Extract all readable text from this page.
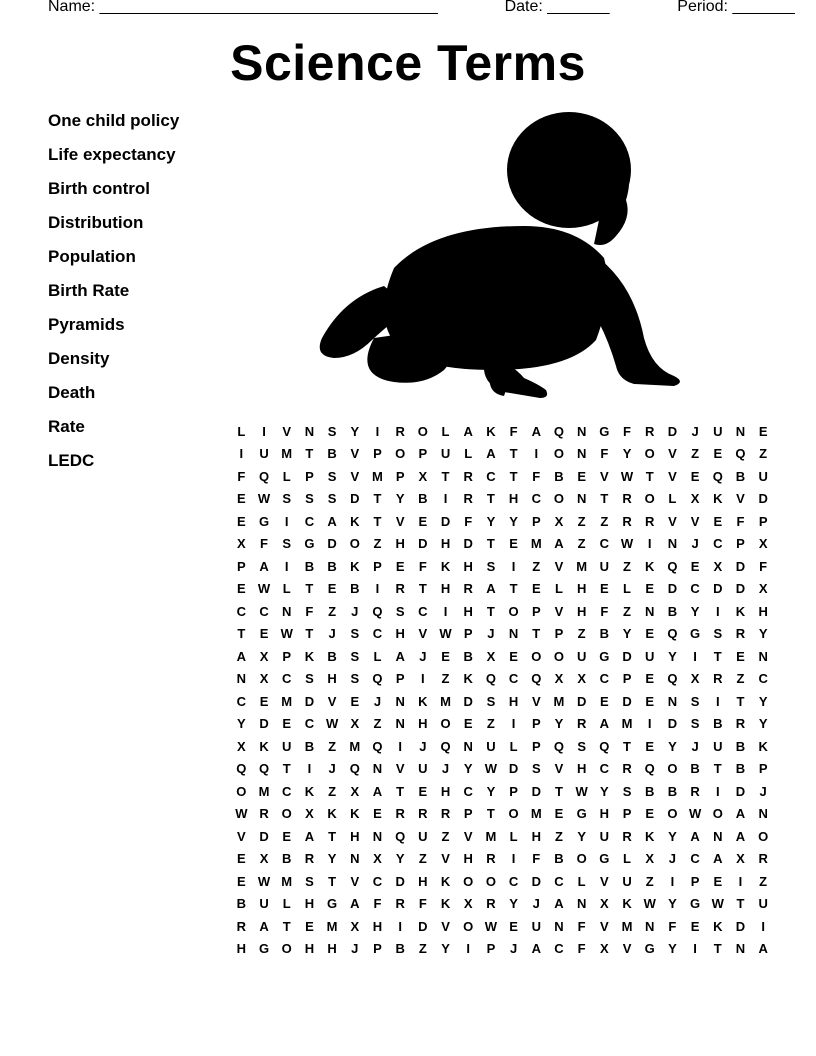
Name: ______________________________________	Date: _______	Period: _______
Science Terms
One child policy
Life expectancy
Birth control
Distribution
Population
Birth Rate
Pyramids
Density
Death
Rate
LEDC
L	I	V	N	S	Y	I	R O	L	A	K	F	A Q N G	F	R	D	J	U	N	E
I	U M	T	B	V	P	O	P	U	L	A	T	I	O N	F	Y	O	V	Z	E	Q	Z
F	Q	L	P	S	V M P	X	T	R	C	T	F	B	E	V W T	V	E	Q B	U
E W S	S	S	D	T	Y	B	I	R	T	H	C O N	T	R O	L	X	K	V	D
E	G	I	C	A	K	T	V	E	D	F	Y	Y	P	X	Z	Z	R	R	V	V	E	F	P
X	F	S	G D O	Z	H	D	H	D	T	E M A	Z	C W	I	N	J	C	P	X
P	A	I	B	B	K	P	E	F	K	H	S	I	Z	V M U	Z	K Q	E	X	D	F
E W L	T	E	B	I	R	T	H	R	A	T	E	L	H	E	L	E	D	C	D	D	X
C	C	N	F	Z	J	Q	S	C	I	H	T	O	P	V	H	F	Z	N	B	Y	I	K	H
T	E W T	J	S	C	H	V W P	J	N	T	P	Z	B	Y	E	Q G	S	R	Y
A	X	P	K	B	S	L	A	J	E	B	X	E	O O U G D	U	Y	I	T	E	N
N	X	C	S	H	S	Q	P	I	Z	K Q C Q	X	X	C	P	E	Q	X	R	Z	C
C	E M D	V	E	J	N	K M D	S	H	V M D	E	D	E	N	S	I	T	Y
Y	D	E	C W X	Z	N	H O	E	Z	I	P	Y	R	A M	I	D	S	B	R	Y
X	K	U	B	Z	M Q	I	J	Q N	U	L	P	Q	S	Q	T	E	Y	J	U	B	K
Q Q	T	I	J	Q N	V	U	J	Y W D	S	V	H	C	R Q O B	T	B	P
O M C	K	Z	X	A	T	E	H	C	Y	P	D	T W Y	S	B	B	R	I	D	J
W R O	X	K	K	E	R	R	R	P	T	O M E	G H	P	E	O W O A	N
V	D	E	A	T	H	N Q U	Z	V M	L	H	Z	Y	U	R	K	Y	A	N	A O
E	X	B	R	Y	N	X	Y	Z	V	H	R	I	F	B O G	L	X	J	C	A	X	R
E W M S	T	V	C	D	H	K O O C	D	C	L	V	U	Z	I	P	E	I	Z
B	U	L	H G A	F	R	F	K	X	R	Y	J	A	N	X	K W Y	G W T	U
R	A	T	E M X	H	I	D	V	O W E	U	N	F	V M N	F	E	K	D	I
H G O H	H	J	P	B	Z	Y	I	P	J	A	C	F	X	V	G	Y	I	T	N	A
